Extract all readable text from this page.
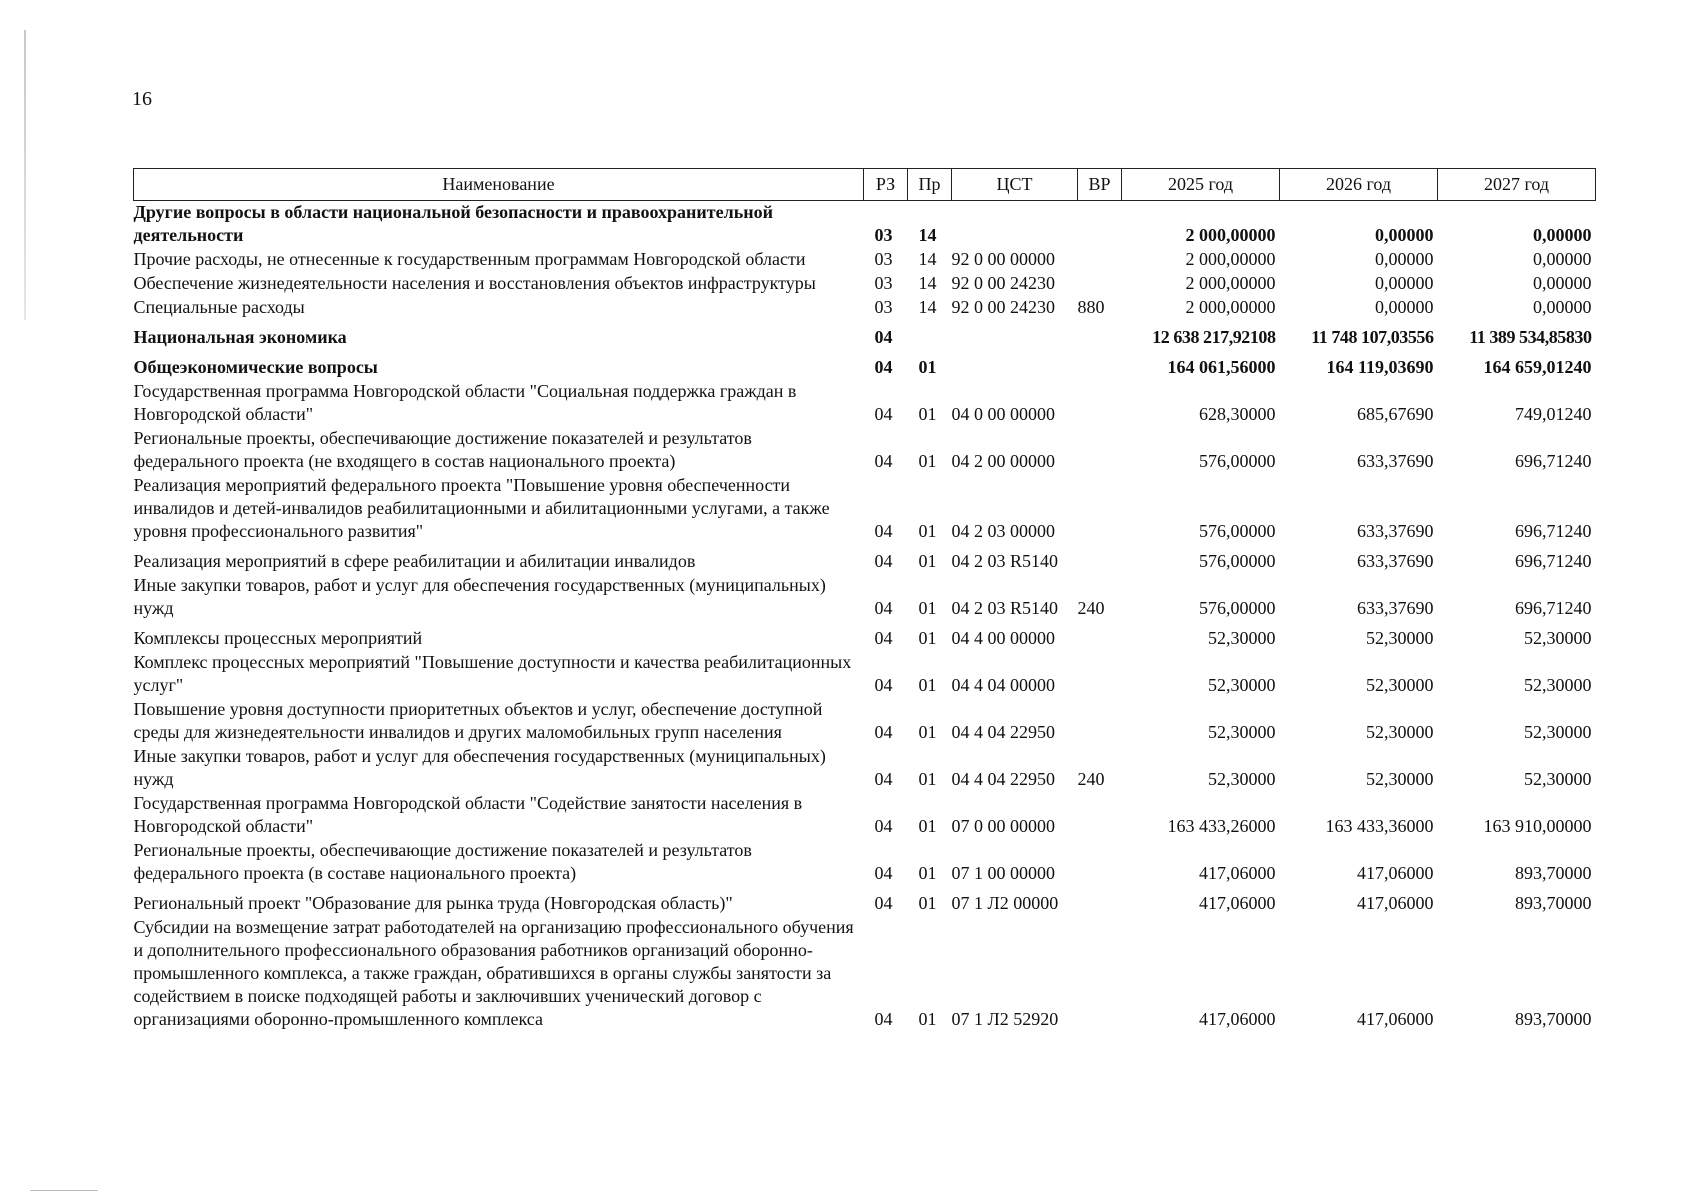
16
Наименование	РЗ	Пр	ЦСТ	ВР	2025 год	2026 год	2027 год
Другие вопросы в области национальной безопасности и правоохранительной деятельности	03	14			2 000,00000	0,00000	0,00000
Прочие расходы, не отнесенные к государственным программам Новгородской области	03	14	92 0 00 00000		2 000,00000	0,00000	0,00000
Обеспечение жизнедеятельности населения и восстановления объектов инфраструктуры	03	14	92 0 00 24230		2 000,00000	0,00000	0,00000
Специальные расходы	03	14	92 0 00 24230	880	2 000,00000	0,00000	0,00000
Национальная экономика	04				12 638 217,92108	11 748 107,03556	11 389 534,85830
Общеэкономические вопросы	04	01			164 061,56000	164 119,03690	164 659,01240
Государственная программа Новгородской области "Социальная поддержка граждан в Новгородской области"	04	01	04 0 00 00000		628,30000	685,67690	749,01240
Региональные проекты, обеспечивающие достижение показателей и результатов федерального проекта (не входящего в состав национального проекта)	04	01	04 2 00 00000		576,00000	633,37690	696,71240
Реализация мероприятий федерального проекта "Повышение уровня обеспеченности инвалидов и детей-инвалидов реабилитационными и абилитационными услугами, а также уровня профессионального развития"	04	01	04 2 03 00000		576,00000	633,37690	696,71240
Реализация мероприятий в сфере реабилитации и абилитации инвалидов	04	01	04 2 03 R5140		576,00000	633,37690	696,71240
Иные закупки товаров, работ и услуг для обеспечения государственных (муниципальных) нужд	04	01	04 2 03 R5140	240	576,00000	633,37690	696,71240
Комплексы процессных мероприятий	04	01	04 4 00 00000		52,30000	52,30000	52,30000
Комплекс процессных мероприятий "Повышение доступности и качества реабилитационных услуг"	04	01	04 4 04 00000		52,30000	52,30000	52,30000
Повышение уровня доступности приоритетных объектов и услуг, обеспечение доступной среды для жизнедеятельности инвалидов и других маломобильных групп населения	04	01	04 4 04 22950		52,30000	52,30000	52,30000
Иные закупки товаров, работ и услуг для обеспечения государственных (муниципальных) нужд	04	01	04 4 04 22950	240	52,30000	52,30000	52,30000
Государственная программа Новгородской области "Содействие занятости населения в Новгородской области"	04	01	07 0 00 00000		163 433,26000	163 433,36000	163 910,00000
Региональные проекты, обеспечивающие достижение показателей и результатов федерального проекта (в составе национального проекта)	04	01	07 1 00 00000		417,06000	417,06000	893,70000
Региональный проект "Образование для рынка труда (Новгородская область)"	04	01	07 1 Л2 00000		417,06000	417,06000	893,70000
Субсидии на возмещение затрат работодателей на организацию профессионального обучения и дополнительного профессионального образования работников организаций оборонно-промышленного комплекса, а также граждан, обратившихся в органы службы занятости за содействием в поиске подходящей работы и заключивших ученический договор с организациями оборонно-промышленного комплекса	04	01	07 1 Л2 52920		417,06000	417,06000	893,70000
